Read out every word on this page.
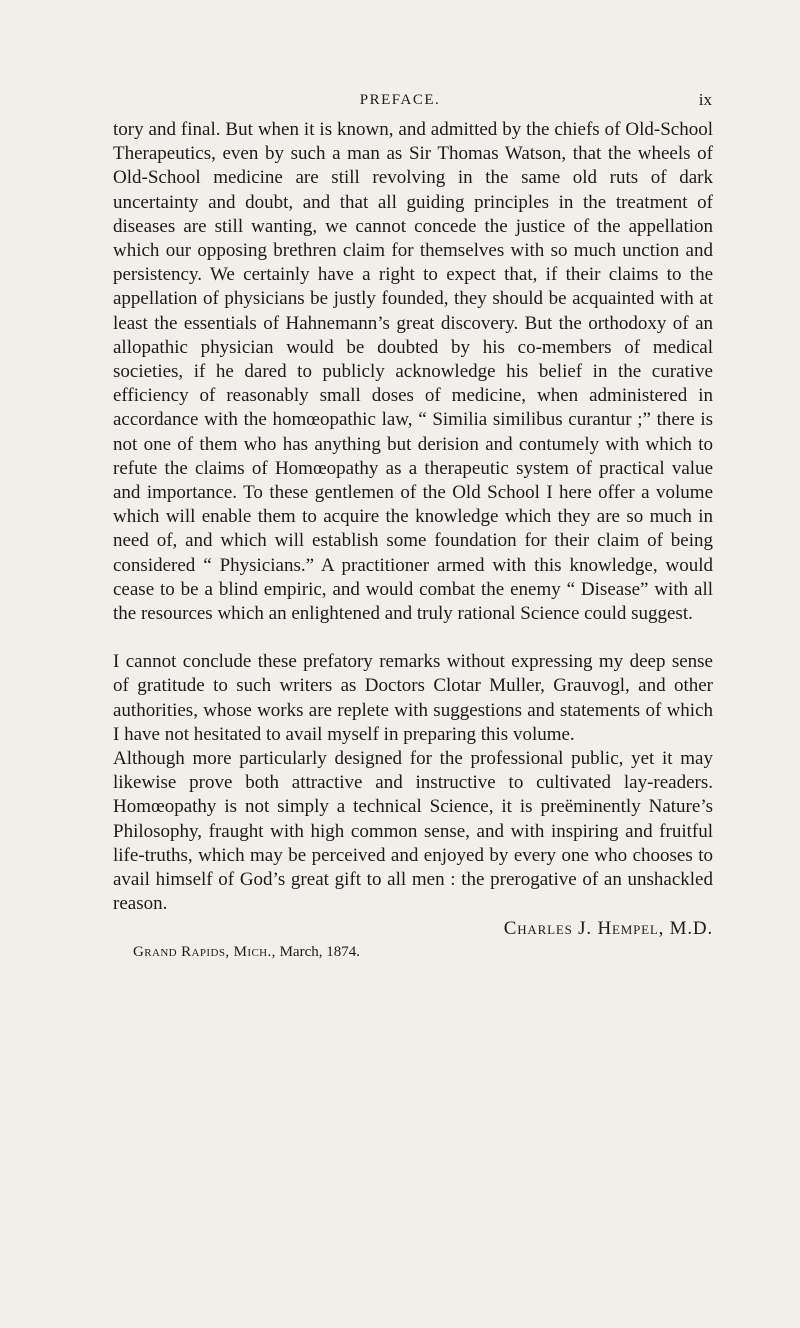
PREFACE.	ix

tory and final. But when it is known, and admitted by the chiefs of Old-School Therapeutics, even by such a man as Sir Thomas Watson, that the wheels of Old-School medicine are still revolving in the same old ruts of dark uncertainty and doubt, and that all guiding principles in the treatment of diseases are still wanting, we cannot concede the justice of the appellation which our opposing brethren claim for themselves with so much unction and persistency. We certainly have a right to expect that, if their claims to the appellation of physicians be justly founded, they should be acquainted with at least the essentials of Hahnemann’s great discovery. But the orthodoxy of an allopathic physician would be doubted by his co-members of medical societies, if he dared to publicly acknowledge his belief in the curative efficiency of reasonably small doses of medicine, when administered in accordance with the homœopathic law, “ Similia similibus curantur ;” there is not one of them who has anything but derision and contumely with which to refute the claims of Homœopathy as a therapeutic system of practical value and importance. To these gentlemen of the Old School I here offer a volume which will enable them to acquire the knowledge which they are so much in need of, and which will establish some foundation for their claim of being considered “ Physicians.” A practitioner armed with this knowledge, would cease to be a blind empiric, and would combat the enemy “ Disease” with all the resources which an enlightened and truly rational Science could suggest.

I cannot conclude these prefatory remarks without expressing my deep sense of gratitude to such writers as Doctors Clotar Muller, Grauvogl, and other authorities, whose works are replete with suggestions and statements of which I have not hesitated to avail myself in preparing this volume.

Although more particularly designed for the professional public, yet it may likewise prove both attractive and instructive to cultivated lay-readers. Homœopathy is not simply a technical Science, it is preëminently Nature’s Philosophy, fraught with high common sense, and with inspiring and fruitful life-truths, which may be perceived and enjoyed by every one who chooses to avail himself of God’s great gift to all men : the prerogative of an unshackled reason.

Charles J. Hempel, M.D.

Grand Rapids, Mich., March, 1874.
